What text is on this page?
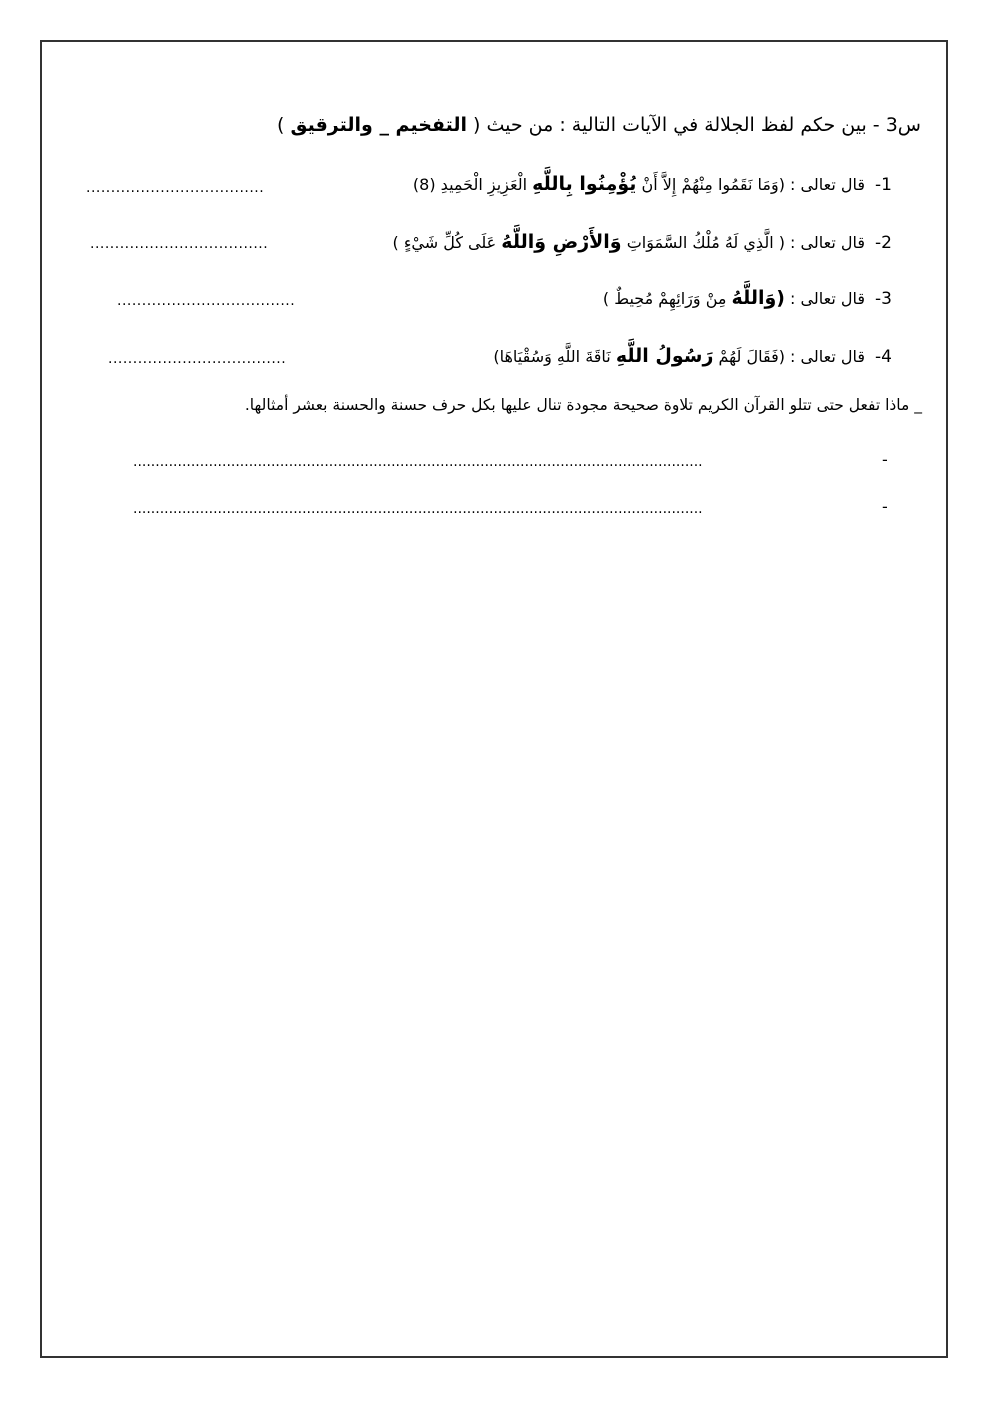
س3 - بين حكم لفظ الجلالة في الآيات التالية : من حيث ( التفخيم _ والترقيق )
1-قال تعالى : (وَمَا نَقَمُوا مِنْهُمْ إِلاَّ أَنْ يُؤْمِنُوا بِاللَّهِ الْعَزِيزِ الْحَمِيدِ (8)
....................................
2-قال تعالى : ( الَّذِي لَهُ مُلْكُ السَّمَوَاتِ وَالأَرْضِ وَاللَّهُ عَلَى كُلِّ شَيْءٍ )
....................................
3-قال تعالى : (وَاللَّهُ مِنْ وَرَائِهِمْ مُحِيطٌ )
....................................
4-قال تعالى : (فَقَالَ لَهُمْ رَسُولُ اللَّهِ نَاقَةَ اللَّهِ وَسُقْيَاهَا)
....................................
_ ماذا تفعل حتى تتلو القرآن الكريم تلاوة صحيحة مجودة تنال عليها بكل حرف حسنة والحسنة بعشر أمثالها.
-
................................................................................................................................
-
................................................................................................................................
